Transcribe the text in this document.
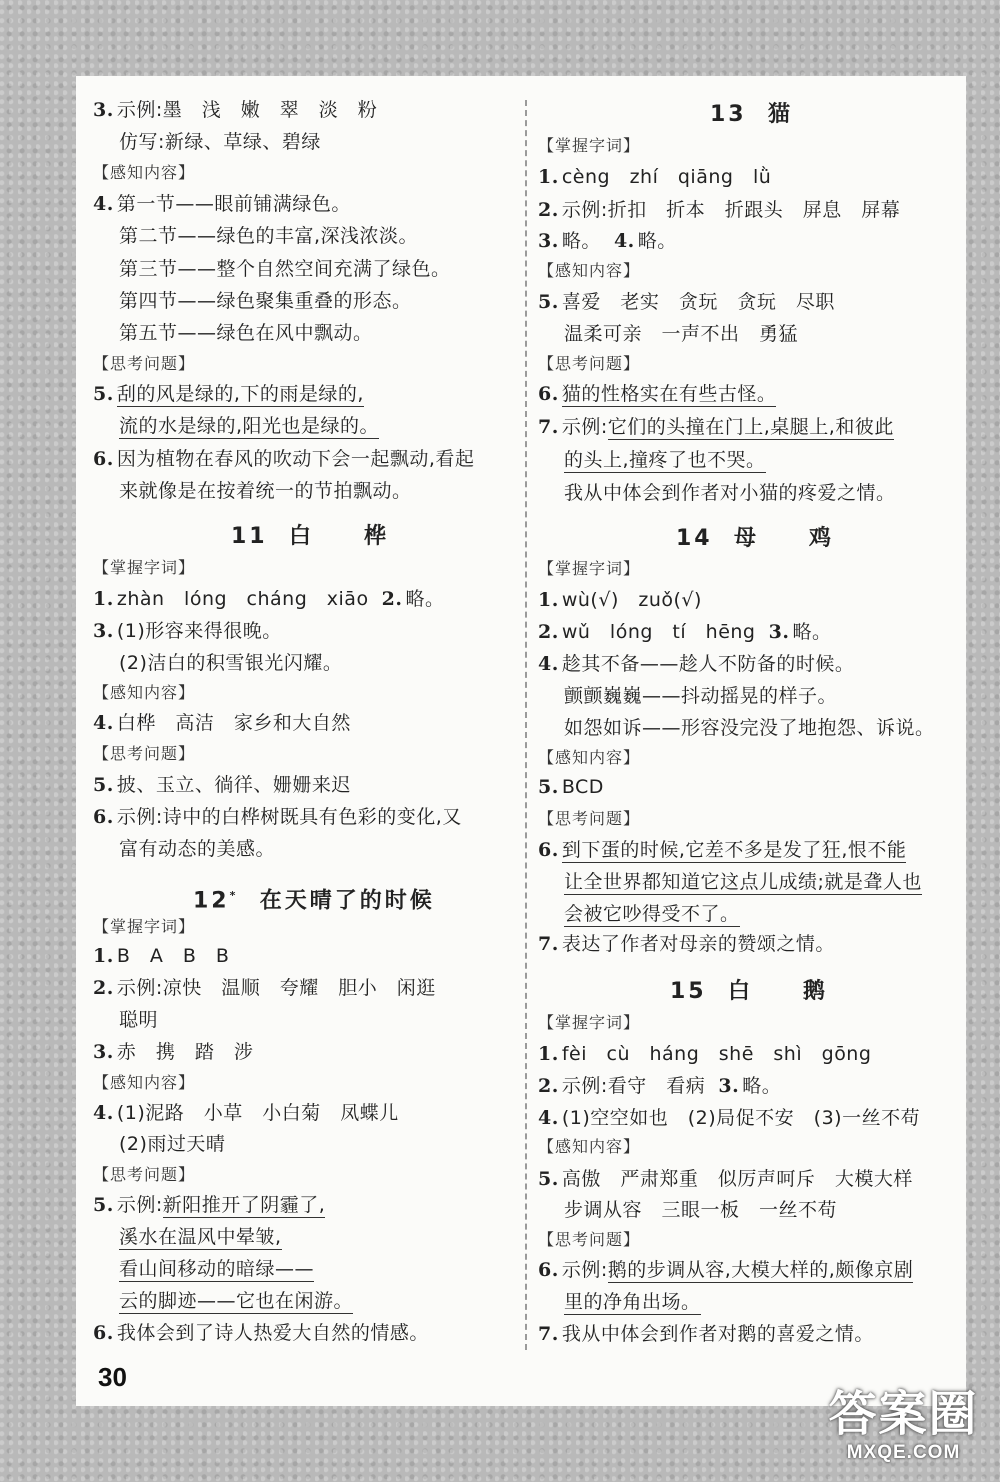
3. 示例:墨　浅　嫩　翠　淡　粉
仿写:新绿、草绿、碧绿
【感知内容】
4. 第一节——眼前铺满绿色。
第二节——绿色的丰富,深浅浓淡。
第三节——整个自然空间充满了绿色。
第四节——绿色聚集重叠的形态。
第五节——绿色在风中飘动。
【思考问题】
5. 刮的风是绿的,下的雨是绿的,
流的水是绿的,阳光也是绿的。
6. 因为植物在春风的吹动下会一起飘动,看起
来就像是在按着统一的节拍飘动。
11 白　　桦
【掌握字词】
1. zhàn　lóng　cháng　xiāo 2. 略。
3. (1)形容来得很晚。
(2)洁白的积雪银光闪耀。
【感知内容】
4. 白桦　高洁　家乡和大自然
【思考问题】
5. 披、玉立、徜徉、姗姗来迟
6. 示例:诗中的白桦树既具有色彩的变化,又
富有动态的美感。
12* 在天晴了的时候
【掌握字词】
1. B　A　B　B
2. 示例:凉快　温顺　夸耀　胆小　闲逛
聪明
3. 赤　携　踏　涉
【感知内容】
4. (1)泥路　小草　小白菊　凤蝶儿
(2)雨过天晴
【思考问题】
5. 示例:新阳推开了阴霾了,
溪水在温风中晕皱,
看山间移动的暗绿——
云的脚迹——它也在闲游。
6. 我体会到了诗人热爱大自然的情感。
13 猫
【掌握字词】
1. cèng　zhí　qiāng　lǜ
2. 示例:折扣　折本　折跟头　屏息　屏幕
3. 略。 4. 略。
【感知内容】
5. 喜爱　老实　贪玩　贪玩　尽职
温柔可亲　一声不出　勇猛
【思考问题】
6. 猫的性格实在有些古怪。
7. 示例:它们的头撞在门上,桌腿上,和彼此
的头上,撞疼了也不哭。
我从中体会到作者对小猫的疼爱之情。
14 母　　鸡
【掌握字词】
1. wù(√)　zuǒ(√)
2. wǔ　lóng　tí　hēng 3. 略。
4. 趁其不备——趁人不防备的时候。
颤颤巍巍——抖动摇晃的样子。
如怨如诉——形容没完没了地抱怨、诉说。
【感知内容】
5. BCD
【思考问题】
6. 到下蛋的时候,它差不多是发了狂,恨不能
让全世界都知道它这点儿成绩;就是聋人也
会被它吵得受不了。
7. 表达了作者对母亲的赞颂之情。
15 白　　鹅
【掌握字词】
1. fèi　cù　háng　shē　shì　gōng
2. 示例:看守　看病 3. 略。
4. (1)空空如也　(2)局促不安　(3)一丝不苟
【感知内容】
5. 高傲　严肃郑重　似厉声呵斥　大模大样
步调从容　三眼一板　一丝不苟
【思考问题】
6. 示例:鹅的步调从容,大模大样的,颇像京剧
里的净角出场。
7. 我从中体会到作者对鹅的喜爱之情。
30
答案圈
MXQE.COM
